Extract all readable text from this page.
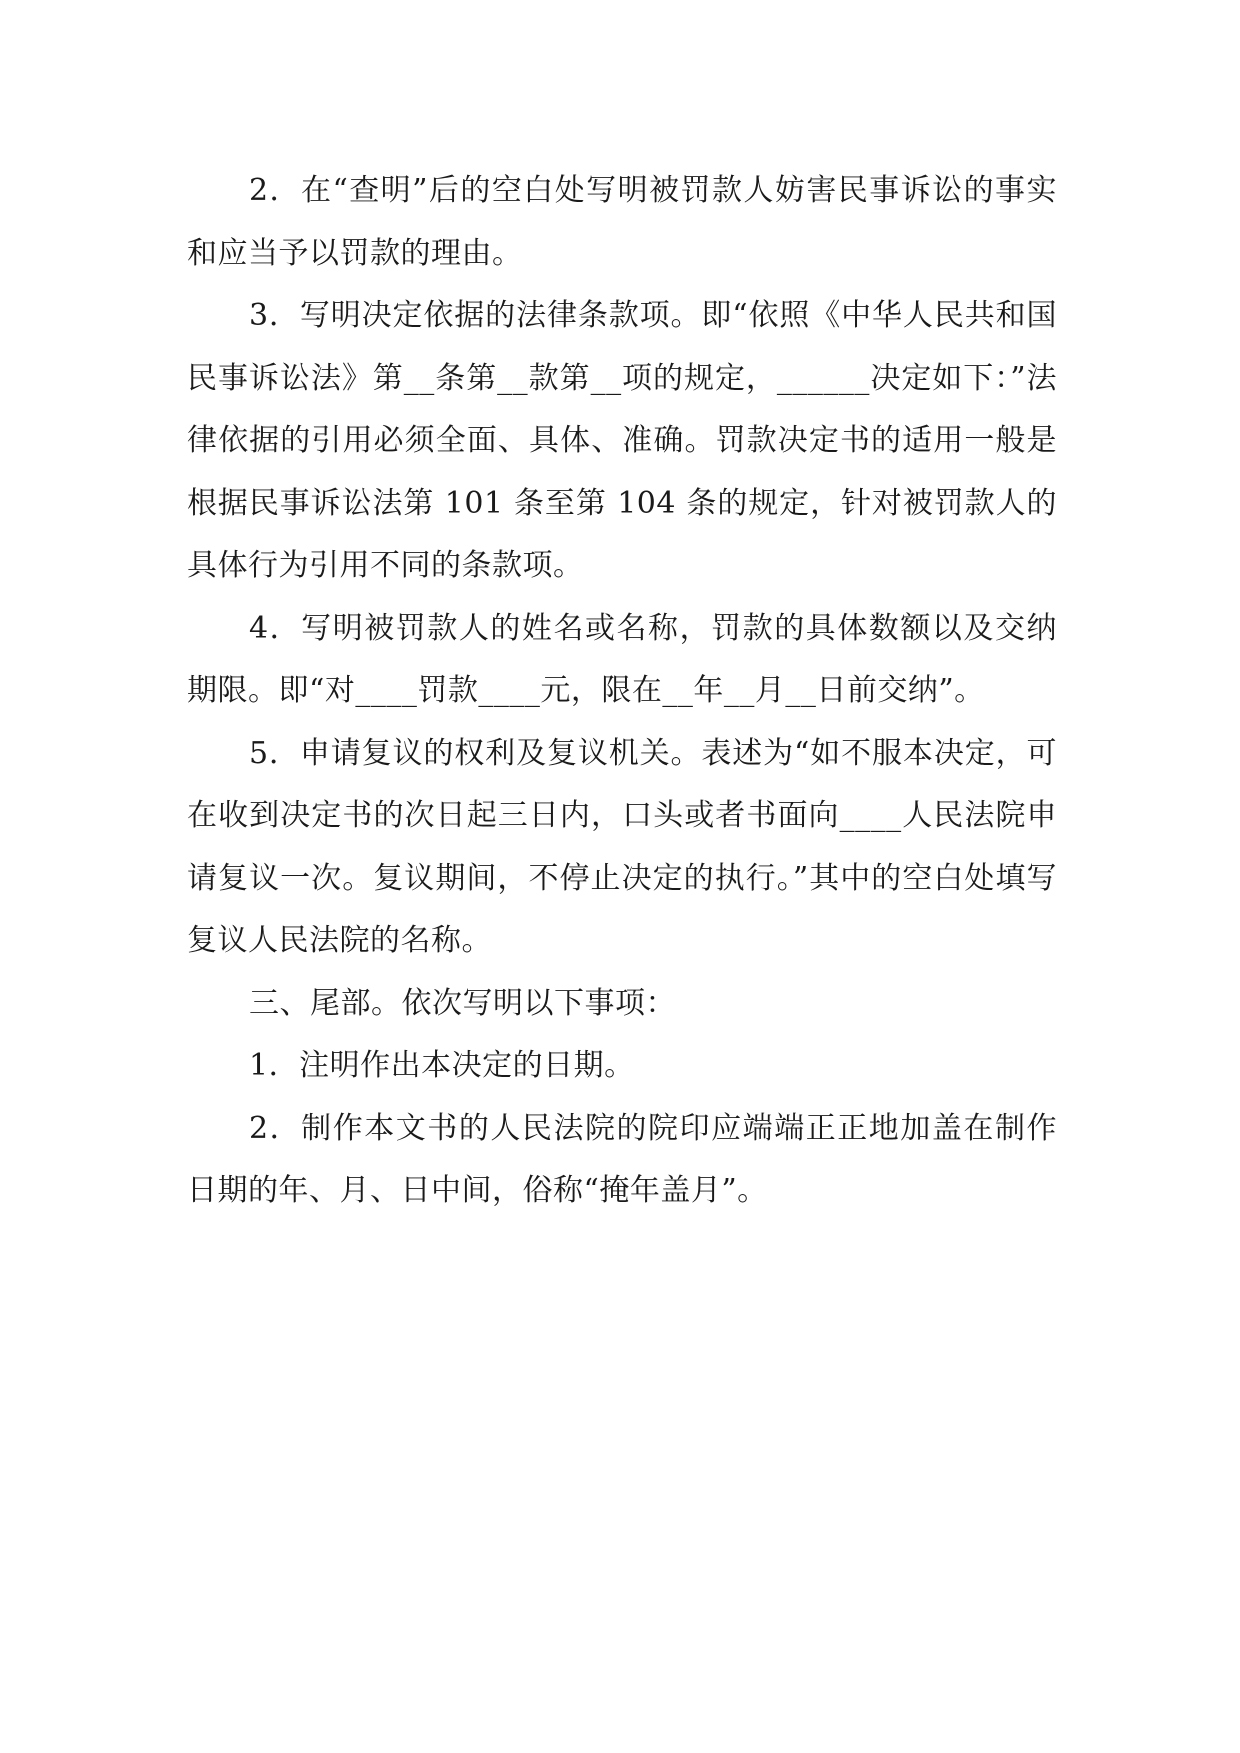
2．在“查明”后的空白处写明被罚款人妨害民事诉讼的事实和应当予以罚款的理由。

3．写明决定依据的法律条款项。即“依照《中华人民共和国民事诉讼法》第__条第__款第__项的规定，______决定如下：”法律依据的引用必须全面、具体、准确。罚款决定书的适用一般是根据民事诉讼法第 101 条至第 104 条的规定，针对被罚款人的具体行为引用不同的条款项。

4．写明被罚款人的姓名或名称，罚款的具体数额以及交纳期限。即“对____罚款____元，限在__年__月__日前交纳”。

5．申请复议的权利及复议机关。表述为“如不服本决定，可在收到决定书的次日起三日内，口头或者书面向____人民法院申请复议一次。复议期间，不停止决定的执行。”其中的空白处填写复议人民法院的名称。

三、尾部。依次写明以下事项：

1．注明作出本决定的日期。

2．制作本文书的人民法院的院印应端端正正地加盖在制作日期的年、月、日中间，俗称“掩年盖月”。
